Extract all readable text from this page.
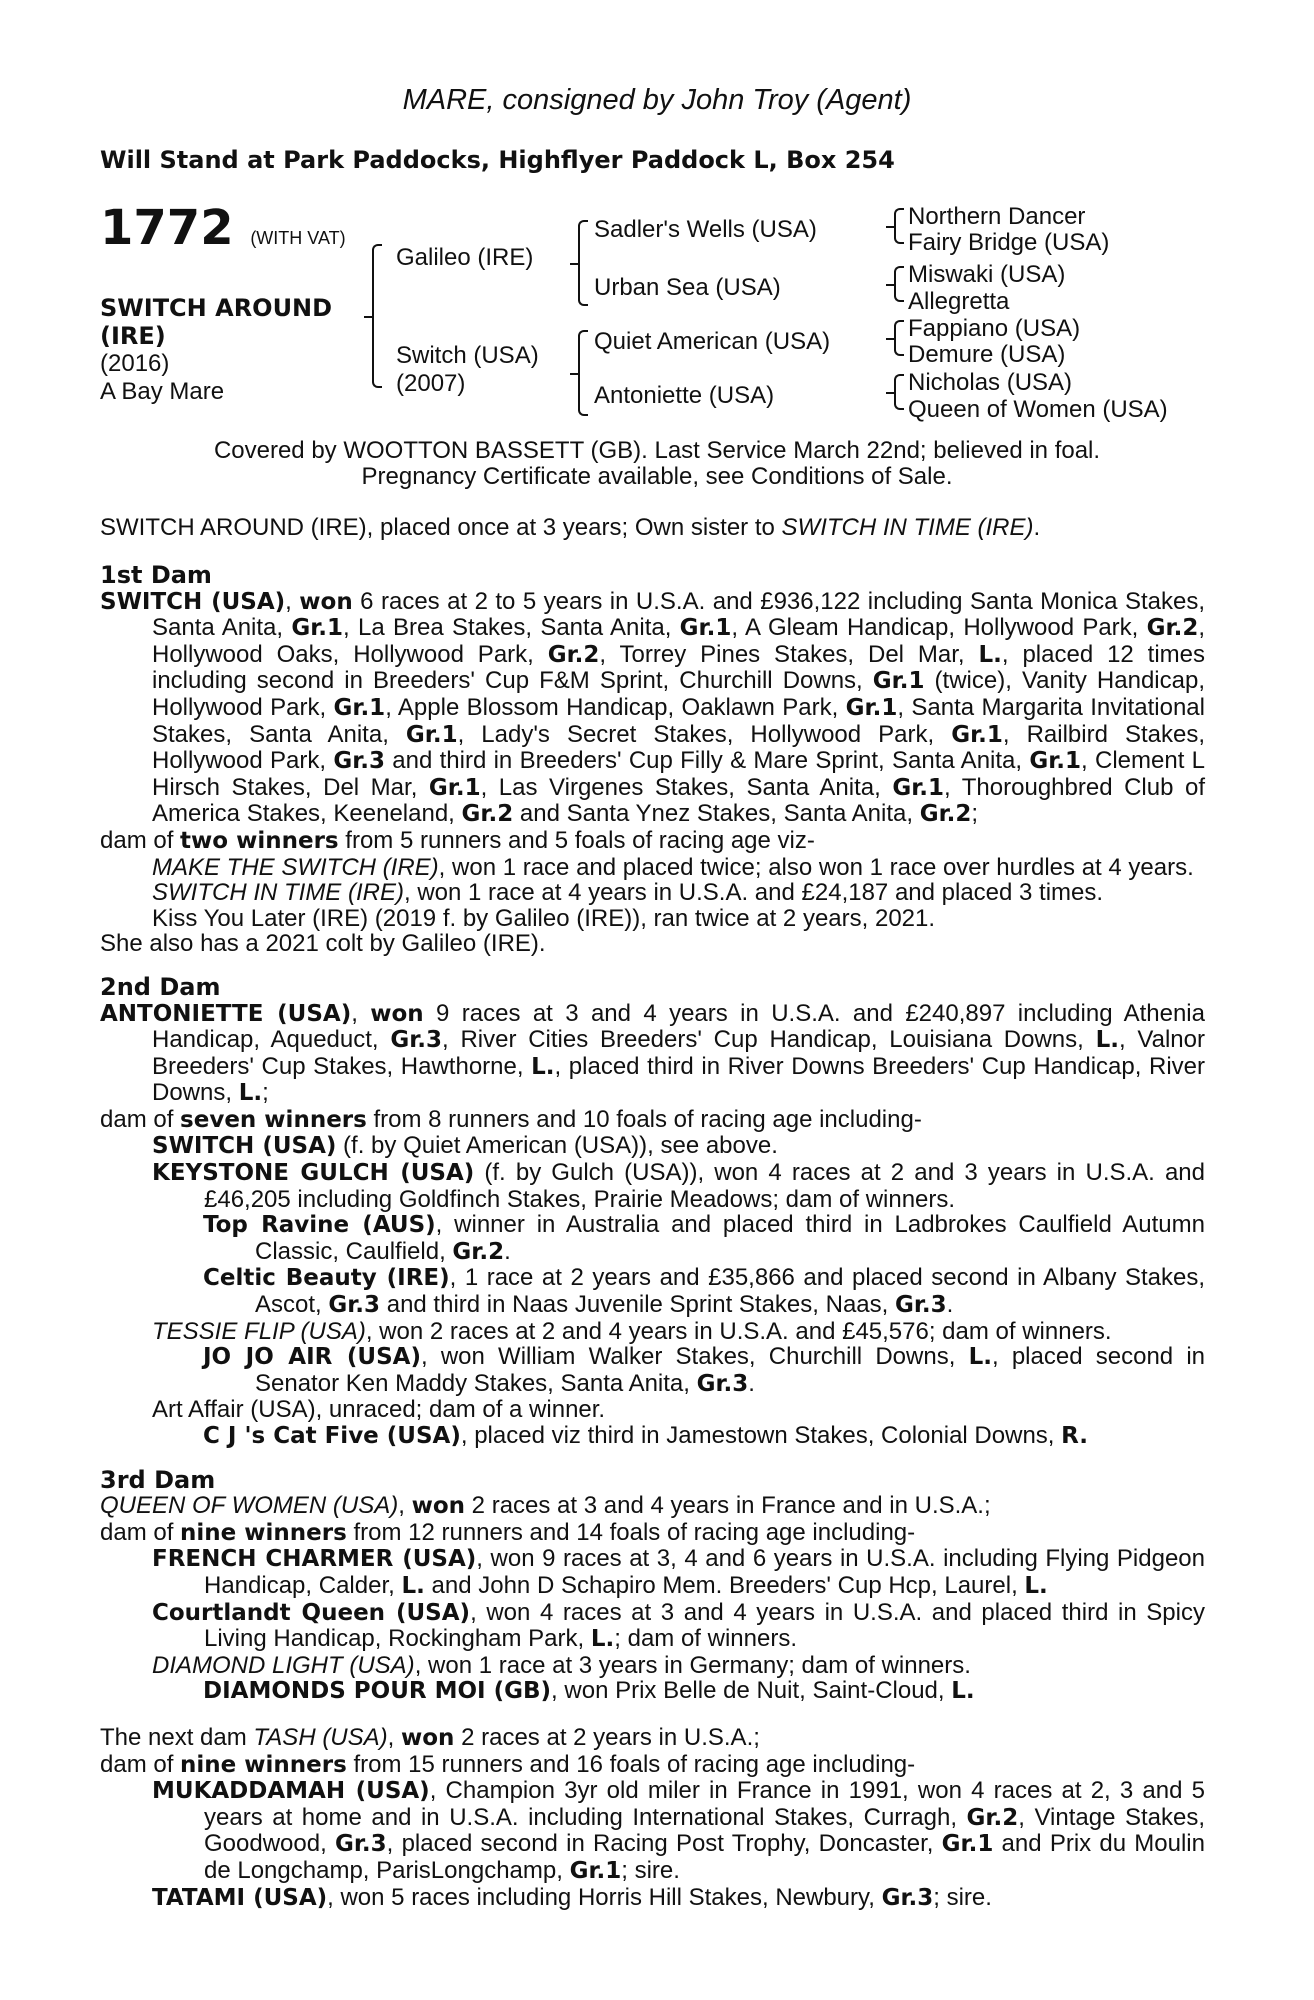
MARE, consigned by John Troy (Agent)
Will Stand at Park Paddocks, Highflyer Paddock L, Box 254
1772 (WITH VAT)
SWITCH AROUND
(IRE)
(2016)
A Bay Mare
Galileo (IRE)
Switch (USA)
(2007)
Sadler's Wells (USA)
Urban Sea (USA)
Quiet American (USA)
Antoniette (USA)
Northern Dancer
Fairy Bridge (USA)
Miswaki (USA)
Allegretta
Fappiano (USA)
Demure (USA)
Nicholas (USA)
Queen of Women (USA)
Covered by WOOTTON BASSETT (GB). Last Service March 22nd; believed in foal.
Pregnancy Certificate available, see Conditions of Sale.
SWITCH AROUND (IRE), placed once at 3 years; Own sister to SWITCH IN TIME (IRE).

1st Dam

SWITCH (USA), won 6 races at 2 to 5 years in U.S.A. and £936,122 including Santa Monica Stakes, Santa Anita, Gr.1, La Brea Stakes, Santa Anita, Gr.1, A Gleam Handicap, Hollywood Park, Gr.2, Hollywood Oaks, Hollywood Park, Gr.2, Torrey Pines Stakes, Del Mar, L., placed 12 times including second in Breeders' Cup F&M Sprint, Churchill Downs, Gr.1 (twice), Vanity Handicap, Hollywood Park, Gr.1, Apple Blossom Handicap, Oaklawn Park, Gr.1, Santa Margarita Invitational Stakes, Santa Anita, Gr.1, Lady's Secret Stakes, Hollywood Park, Gr.1, Railbird Stakes, Hollywood Park, Gr.3 and third in Breeders' Cup Filly & Mare Sprint, Santa Anita, Gr.1, Clement L Hirsch Stakes, Del Mar, Gr.1, Las Virgenes Stakes, Santa Anita, Gr.1, Thoroughbred Club of America Stakes, Keeneland, Gr.2 and Santa Ynez Stakes, Santa Anita, Gr.2;

dam of two winners from 5 runners and 5 foals of racing age viz-

MAKE THE SWITCH (IRE), won 1 race and placed twice; also won 1 race over hurdles at 4 years.

SWITCH IN TIME (IRE), won 1 race at 4 years in U.S.A. and £24,187 and placed 3 times.

Kiss You Later (IRE) (2019 f. by Galileo (IRE)), ran twice at 2 years, 2021.

She also has a 2021 colt by Galileo (IRE).

2nd Dam

ANTONIETTE (USA), won 9 races at 3 and 4 years in U.S.A. and £240,897 including Athenia Handicap, Aqueduct, Gr.3, River Cities Breeders' Cup Handicap, Louisiana Downs, L., Valnor Breeders' Cup Stakes, Hawthorne, L., placed third in River Downs Breeders' Cup Handicap, River Downs, L.;

dam of seven winners from 8 runners and 10 foals of racing age including-

SWITCH (USA) (f. by Quiet American (USA)), see above.

KEYSTONE GULCH (USA) (f. by Gulch (USA)), won 4 races at 2 and 3 years in U.S.A. and £46,205 including Goldfinch Stakes, Prairie Meadows; dam of winners.

Top Ravine (AUS), winner in Australia and placed third in Ladbrokes Caulfield Autumn Classic, Caulfield, Gr.2.

Celtic Beauty (IRE), 1 race at 2 years and £35,866 and placed second in Albany Stakes, Ascot, Gr.3 and third in Naas Juvenile Sprint Stakes, Naas, Gr.3.

TESSIE FLIP (USA), won 2 races at 2 and 4 years in U.S.A. and £45,576; dam of winners.

JO JO AIR (USA), won William Walker Stakes, Churchill Downs, L., placed second in Senator Ken Maddy Stakes, Santa Anita, Gr.3.

Art Affair (USA), unraced; dam of a winner.

C J 's Cat Five (USA), placed viz third in Jamestown Stakes, Colonial Downs, R.

3rd Dam

QUEEN OF WOMEN (USA), won 2 races at 3 and 4 years in France and in U.S.A.;

dam of nine winners from 12 runners and 14 foals of racing age including-

FRENCH CHARMER (USA), won 9 races at 3, 4 and 6 years in U.S.A. including Flying Pidgeon Handicap, Calder, L. and John D Schapiro Mem. Breeders' Cup Hcp, Laurel, L.

Courtlandt Queen (USA), won 4 races at 3 and 4 years in U.S.A. and placed third in Spicy Living Handicap, Rockingham Park, L.; dam of winners.

DIAMOND LIGHT (USA), won 1 race at 3 years in Germany; dam of winners.

DIAMONDS POUR MOI (GB), won Prix Belle de Nuit, Saint-Cloud, L.

The next dam TASH (USA), won 2 races at 2 years in U.S.A.;

dam of nine winners from 15 runners and 16 foals of racing age including-

MUKADDAMAH (USA), Champion 3yr old miler in France in 1991, won 4 races at 2, 3 and 5 years at home and in U.S.A. including International Stakes, Curragh, Gr.2, Vintage Stakes, Goodwood, Gr.3, placed second in Racing Post Trophy, Doncaster, Gr.1 and Prix du Moulin de Longchamp, ParisLongchamp, Gr.1; sire.

TATAMI (USA), won 5 races including Horris Hill Stakes, Newbury, Gr.3; sire.
